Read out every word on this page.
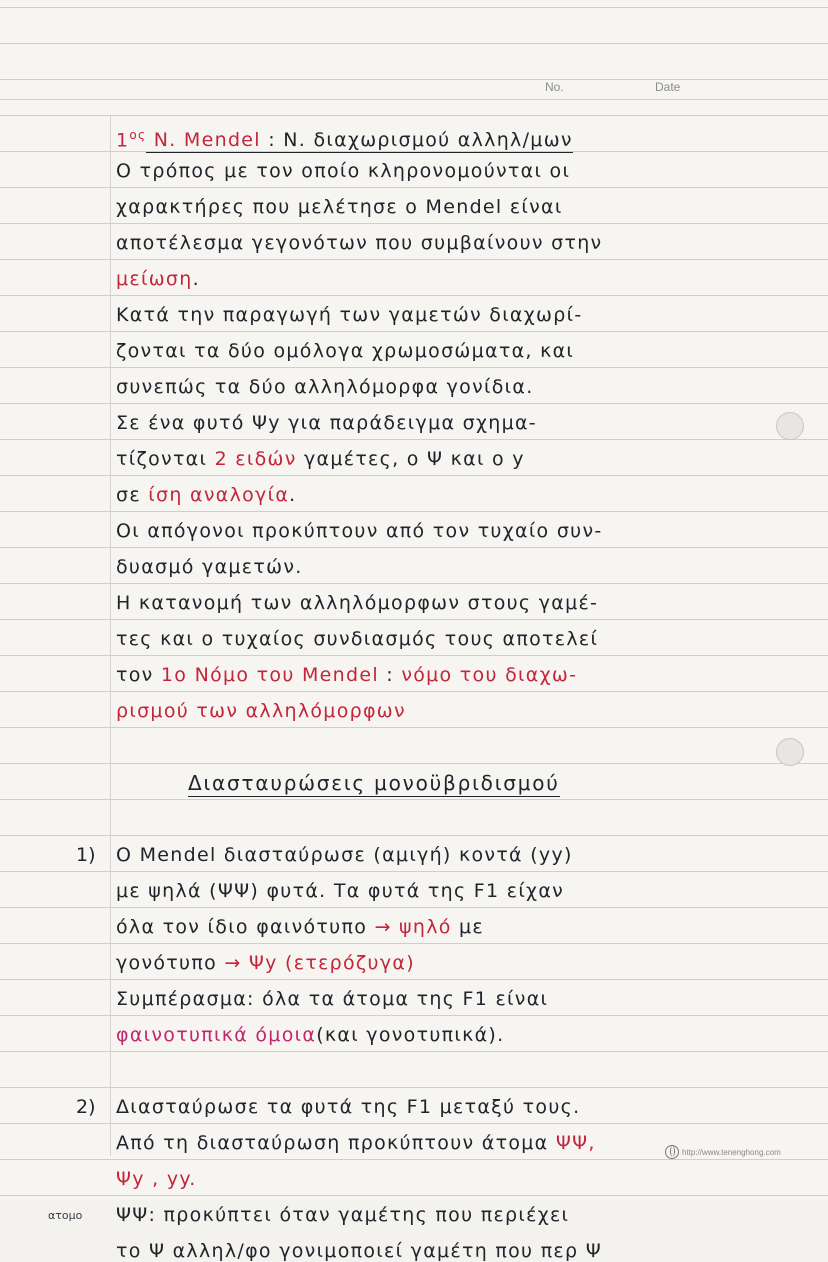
No.	Date
$1^{o\varsigma}$ Ν. Mendel : Ν. διαχωρισμού αλληλ/μων
Ο τρόπος με τον οποίο κληρονομούνται οι
χαρακτήρες που μελέτησε ο Mendel είναι
αποτέλεσμα γεγονότων που συμβαίνουν στην
μείωση.
Κατά την παραγωγή των γαμετών διαχωρί-
ζονται τα δύο ομόλογα χρωμοσώματα, και
συνεπώς τα δύο αλληλόμορφα γονίδια.
Σε ένα φυτό Ψy για παράδειγμα σχημα-
τίζονται 2 ειδών γαμέτες, ο Ψ και ο y
σε ίση αναλογία.
Οι απόγονοι προκύπτουν από τον τυχαίο συν-
δυασμό γαμετών.
Η κατανομή των αλληλόμορφων στους γαμέ-
τες και ο τυχαίος συνδιασμός τους αποτελεί
τον 1ο Νόμο του Mendel : νόμο του διαχω-
ρισμού των αλληλόμορφων
Διασταυρώσεις μονοϋβριδισμού
Ο Mendel διασταύρωσε (αμιγή) κοντά (yy)
με ψηλά (ΨΨ) φυτά. Τα φυτά της F1 είχαν
όλα τον ίδιο φαινότυπο → ψηλό με
γονότυπο → Ψy (ετερόζυγα)
Συμπέρασμα: όλα τα άτομα της F1 είναι
φαινοτυπικά όμοια(και γονοτυπικά).
Διασταύρωσε τα φυτά της F1 μεταξύ τους.
Από τη διασταύρωση προκύπτουν άτομα ΨΨ,
Ψy , yy.
ΨΨ: προκύπτει όταν γαμέτης που περιέχει
το Ψ αλληλ/φο γονιμοποιεί γαμέτη που περ Ψ
1)
2)
ατομο
http://www.tenenghong.com
